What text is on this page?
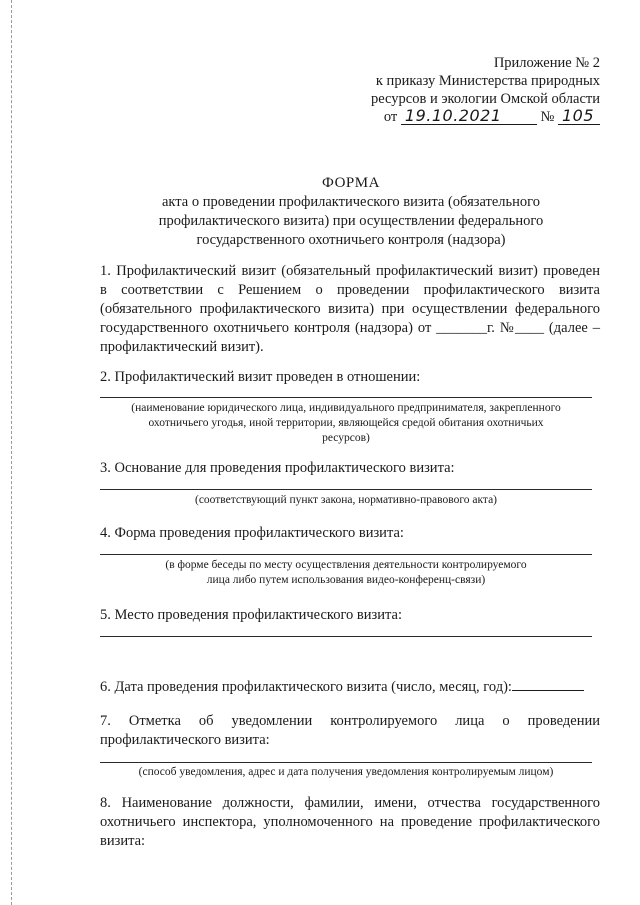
Приложение № 2
к приказу Министерства природных
ресурсов и экологии Омской области
от 19.10.2021	№ 105
ФОРМА
акта о проведении профилактического визита (обязательного
профилактического визита) при осуществлении федерального
государственного охотничьего контроля (надзора)
1. Профилактический визит (обязательный профилактический визит) проведен в соответствии с Решением о проведении профилактического визита (обязательного профилактического визита) при осуществлении федерального государственного охотничьего контроля (надзора) от _______г. №____ (далее – профилактический визит).
2. Профилактический визит проведен в отношении:
(наименование юридического лица, индивидуального предпринимателя, закрепленного
охотничьего угодья, иной территории, являющейся средой обитания охотничьих
ресурсов)
3. Основание для проведения профилактического визита:
(соответствующий пункт закона, нормативно-правового акта)
4. Форма проведения профилактического визита:
(в форме беседы по месту осуществления деятельности контролируемого
лица либо путем использования видео-конференц-связи)
5. Место проведения профилактического визита:
6. Дата проведения профилактического визита (число, месяц, год):
7. Отметка об уведомлении контролируемого лица о проведении профилактического визита:
(способ уведомления, адрес и дата получения уведомления контролируемым лицом)
8. Наименование должности, фамилии, имени, отчества государственного охотничьего инспектора, уполномоченного на проведение профилактического визита:
